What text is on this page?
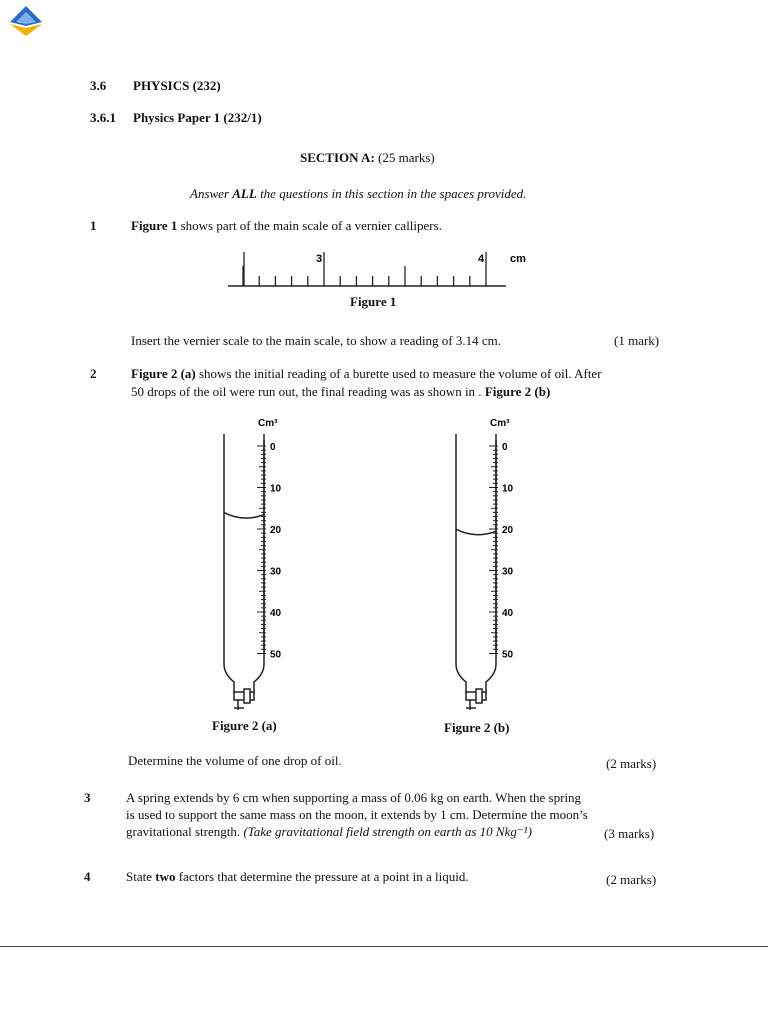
3.6 PHYSICS (232)
3.6.1 Physics Paper 1 (232/1)
SECTION A: (25 marks)
Answer ALL the questions in this section in the spaces provided.
1	Figure 1 shows part of the main scale of a vernier callipers.
3	4 cm
Figure 1
Insert the vernier scale to the main scale, to show a reading of 3.14 cm.	(1 mark)
2	Figure 2 (a) shows the initial reading of a burette used to measure the volume of oil. After
50 drops of the oil were run out, the final reading was as shown in . Figure 2 (b)
Cm³
0
10
20
30
40
50
Cm³
0
10
20
30
40
50
Figure 2 (a)	Figure 2 (b)
Determine the volume of one drop of oil.	(2 marks)
3	A spring extends by 6 cm when supporting a mass of 0.06 kg on earth. When the spring
is used to support the same mass on the moon, it extends by 1 cm. Determine the moon’s
gravitational strength. (Take gravitational field strength on earth as 10 Nkg⁻¹)	(3 marks)
4	State two factors that determine the pressure at a point in a liquid.	(2 marks)
